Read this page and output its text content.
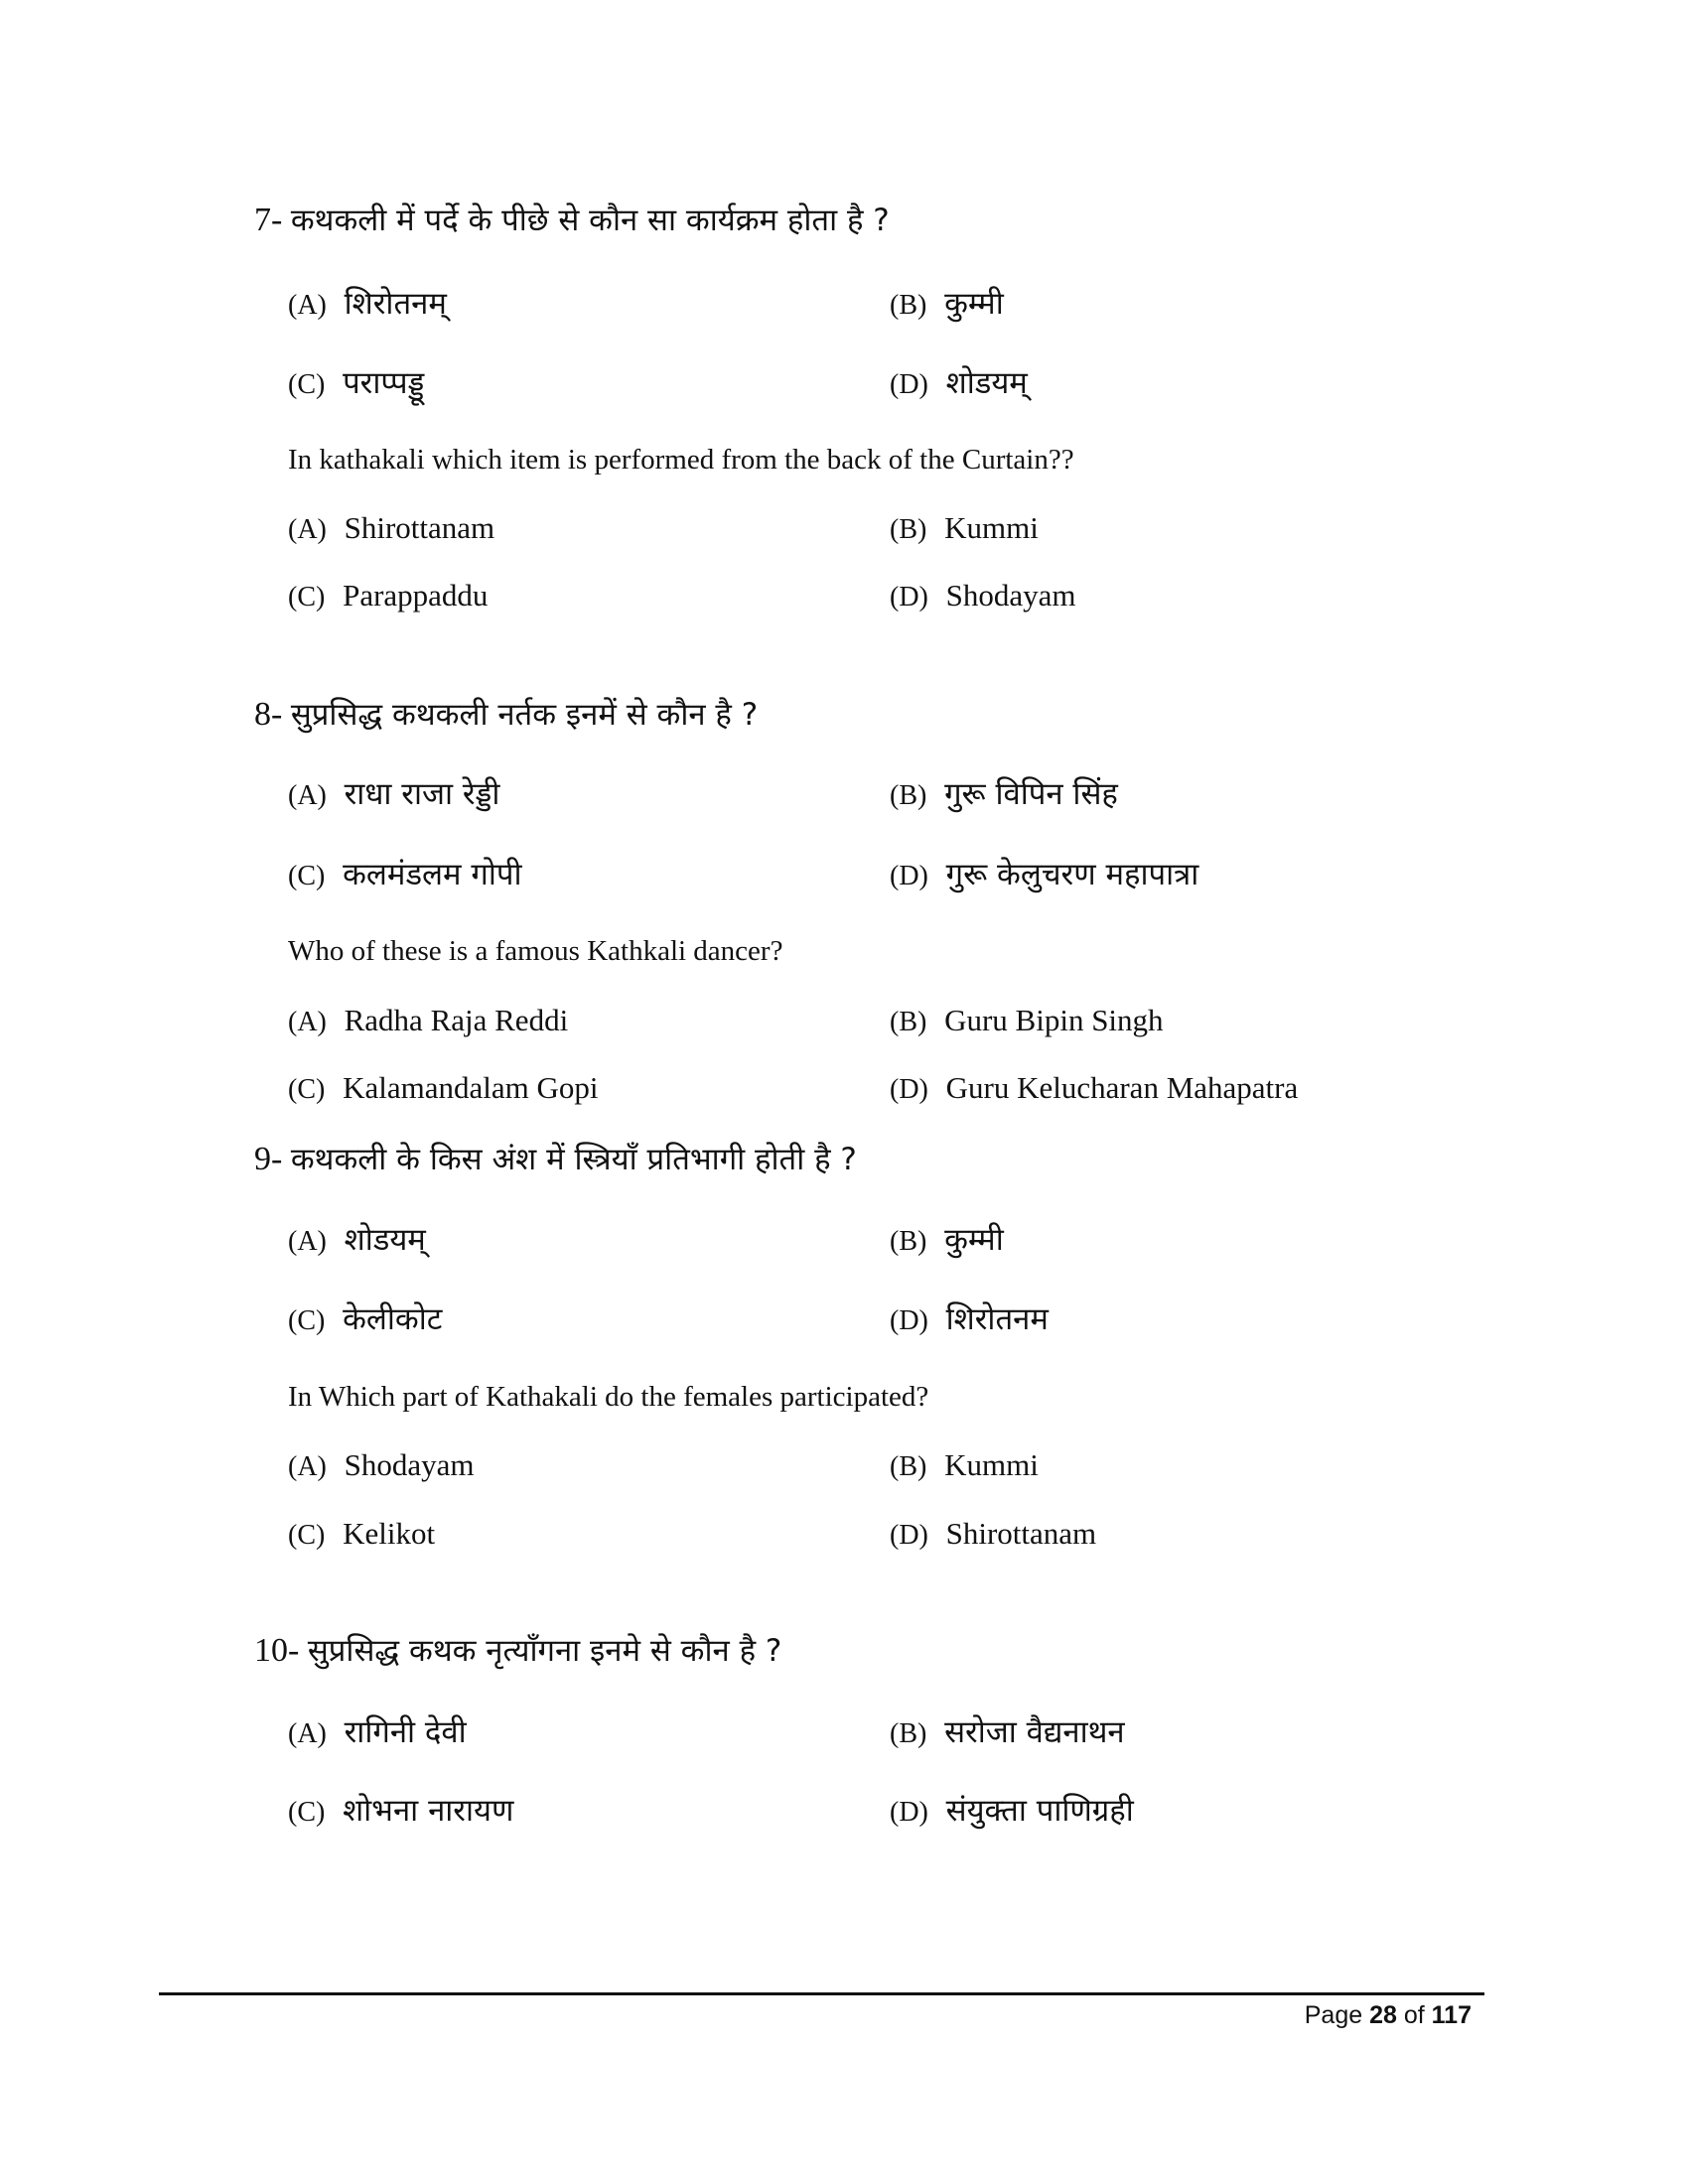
7- कथकली में पर्दे के पीछे से कौन सा कार्यक्रम होता है ?
(A) शिरोतनम्	(B) कुम्मी
(C) पराप्पड्डू	(D) शोडयम्
In kathakali which item is performed from the back of the Curtain??
(A) Shirottanam	(B) Kummi
(C) Parappaddu	(D) Shodayam
8- सुप्रसिद्ध कथकली नर्तक इनमें से कौन है ?
(A) राधा राजा रेड्डी	(B) गुरू विपिन सिंह
(C) कलमंडलम गोपी	(D) गुरू केलुचरण महापात्रा
Who of these is a famous Kathkali dancer?
(A) Radha Raja Reddi	(B) Guru Bipin Singh
(C) Kalamandalam Gopi	(D) Guru Kelucharan Mahapatra
9- कथकली के किस अंश में स्त्रियाँ प्रतिभागी होती है ?
(A) शोडयम्	(B) कुम्मी
(C) केलीकोट	(D) शिरोतनम
In Which part of Kathakali do the females participated?
(A) Shodayam	(B) Kummi
(C) Kelikot	(D) Shirottanam
10- सुप्रसिद्ध कथक नृत्याँगना इनमे से कौन है ?
(A) रागिनी देवी	(B) सरोजा वैद्यनाथन
(C) शोभना नारायण	(D) संयुक्ता पाणिग्रही
Page 28 of 117
